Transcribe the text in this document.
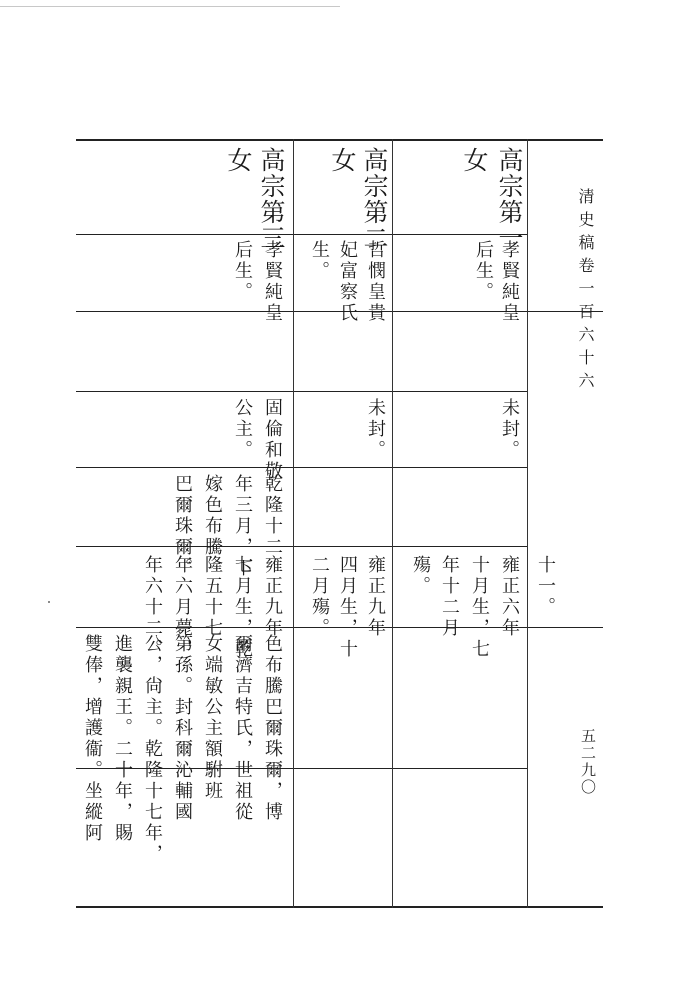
清史稿卷一百六十六
五二九〇
高宗第一
女
孝賢純皇
后生。
未封。
雍正六年
十月生，七
年十二月
殤。	十一。
高宗第二
女
哲憫皇貴
妃富察氏
生。
未封。
雍正九年
四月生，十
二月殤。
高宗第三
女
孝賢純皇
后生。
固倫和敬
公主。
乾隆十二
年三月，下
嫁色布騰
巴爾珠爾。
雍正九年
七月生，乾
隆五十七
年六月薨，
年六十二。
色布騰巴爾珠爾，博
爾濟吉特氏，世祖從
女端敏公主額駙班
第孫。封科爾沁輔國
公，尙主。乾隆十七年，
進襲親王。二十年，賜
雙俸，增護衞。坐縱阿
